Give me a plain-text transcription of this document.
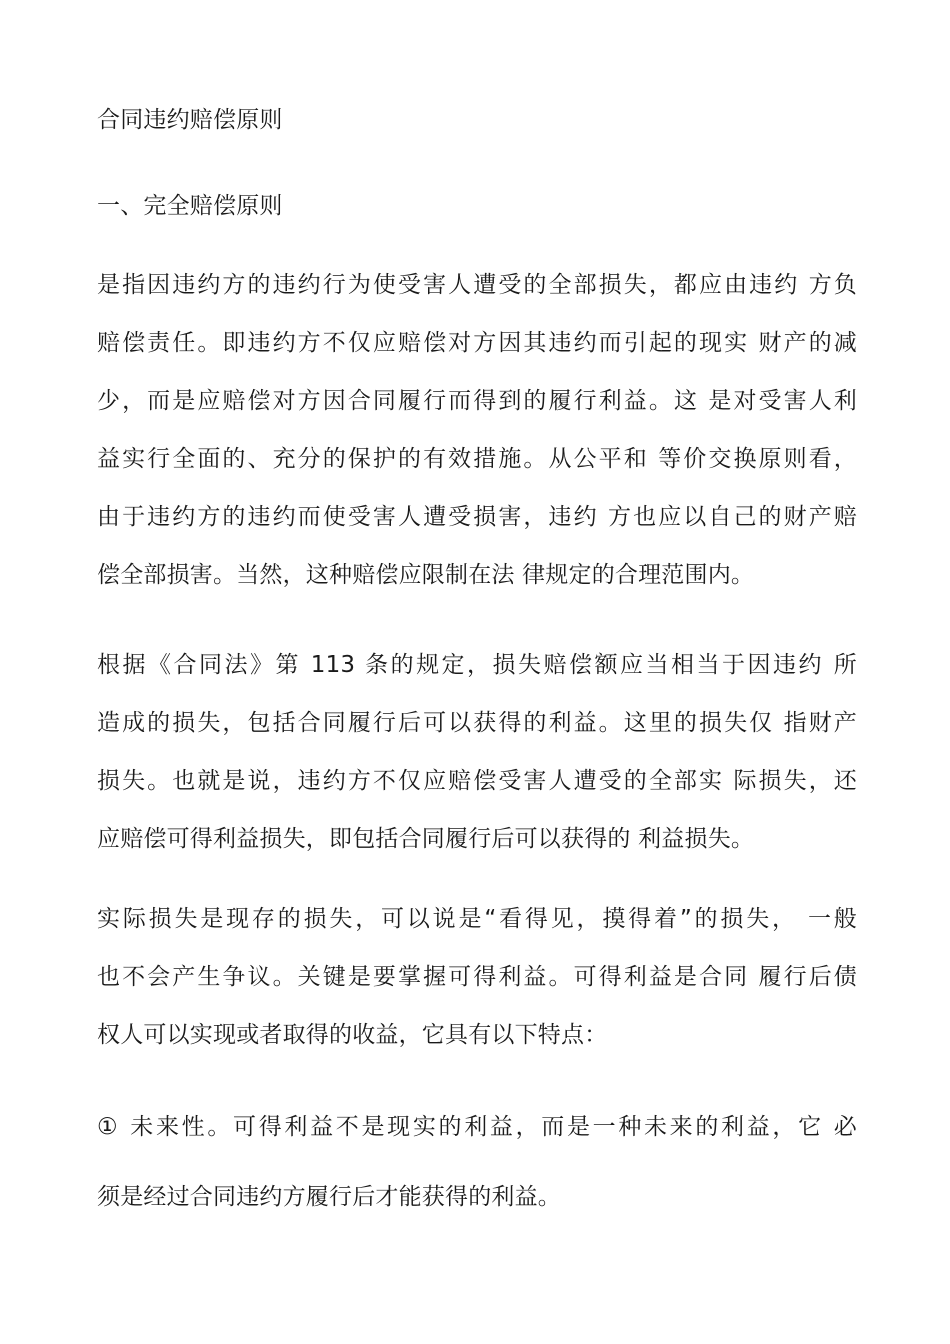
合同违约赔偿原则
一、完全赔偿原则
是指因违约方的违约行为使受害人遭受的全部损失，都应由违约 方负
赔偿责任。即违约方不仅应赔偿对方因其违约而引起的现实 财产的减
少，而是应赔偿对方因合同履行而得到的履行利益。这 是对受害人利
益实行全面的、充分的保护的有效措施。从公平和 等价交换原则看，
由于违约方的违约而使受害人遭受损害，违约 方也应以自己的财产赔
偿全部损害。当然，这种赔偿应限制在法 律规定的合理范围内。
根据《合同法》第 113 条的规定，损失赔偿额应当相当于因违约 所
造成的损失，包括合同履行后可以获得的利益。这里的损失仅 指财产
损失。也就是说，违约方不仅应赔偿受害人遭受的全部实 际损失，还
应赔偿可得利益损失，即包括合同履行后可以获得的 利益损失。
实际损失是现存的损失，可以说是“看得见，摸得着”的损失， 一般
也不会产生争议。关键是要掌握可得利益。可得利益是合同 履行后债
权人可以实现或者取得的收益，它具有以下特点：
① 未来性。可得利益不是现实的利益，而是一种未来的利益，它 必
须是经过合同违约方履行后才能获得的利益。
